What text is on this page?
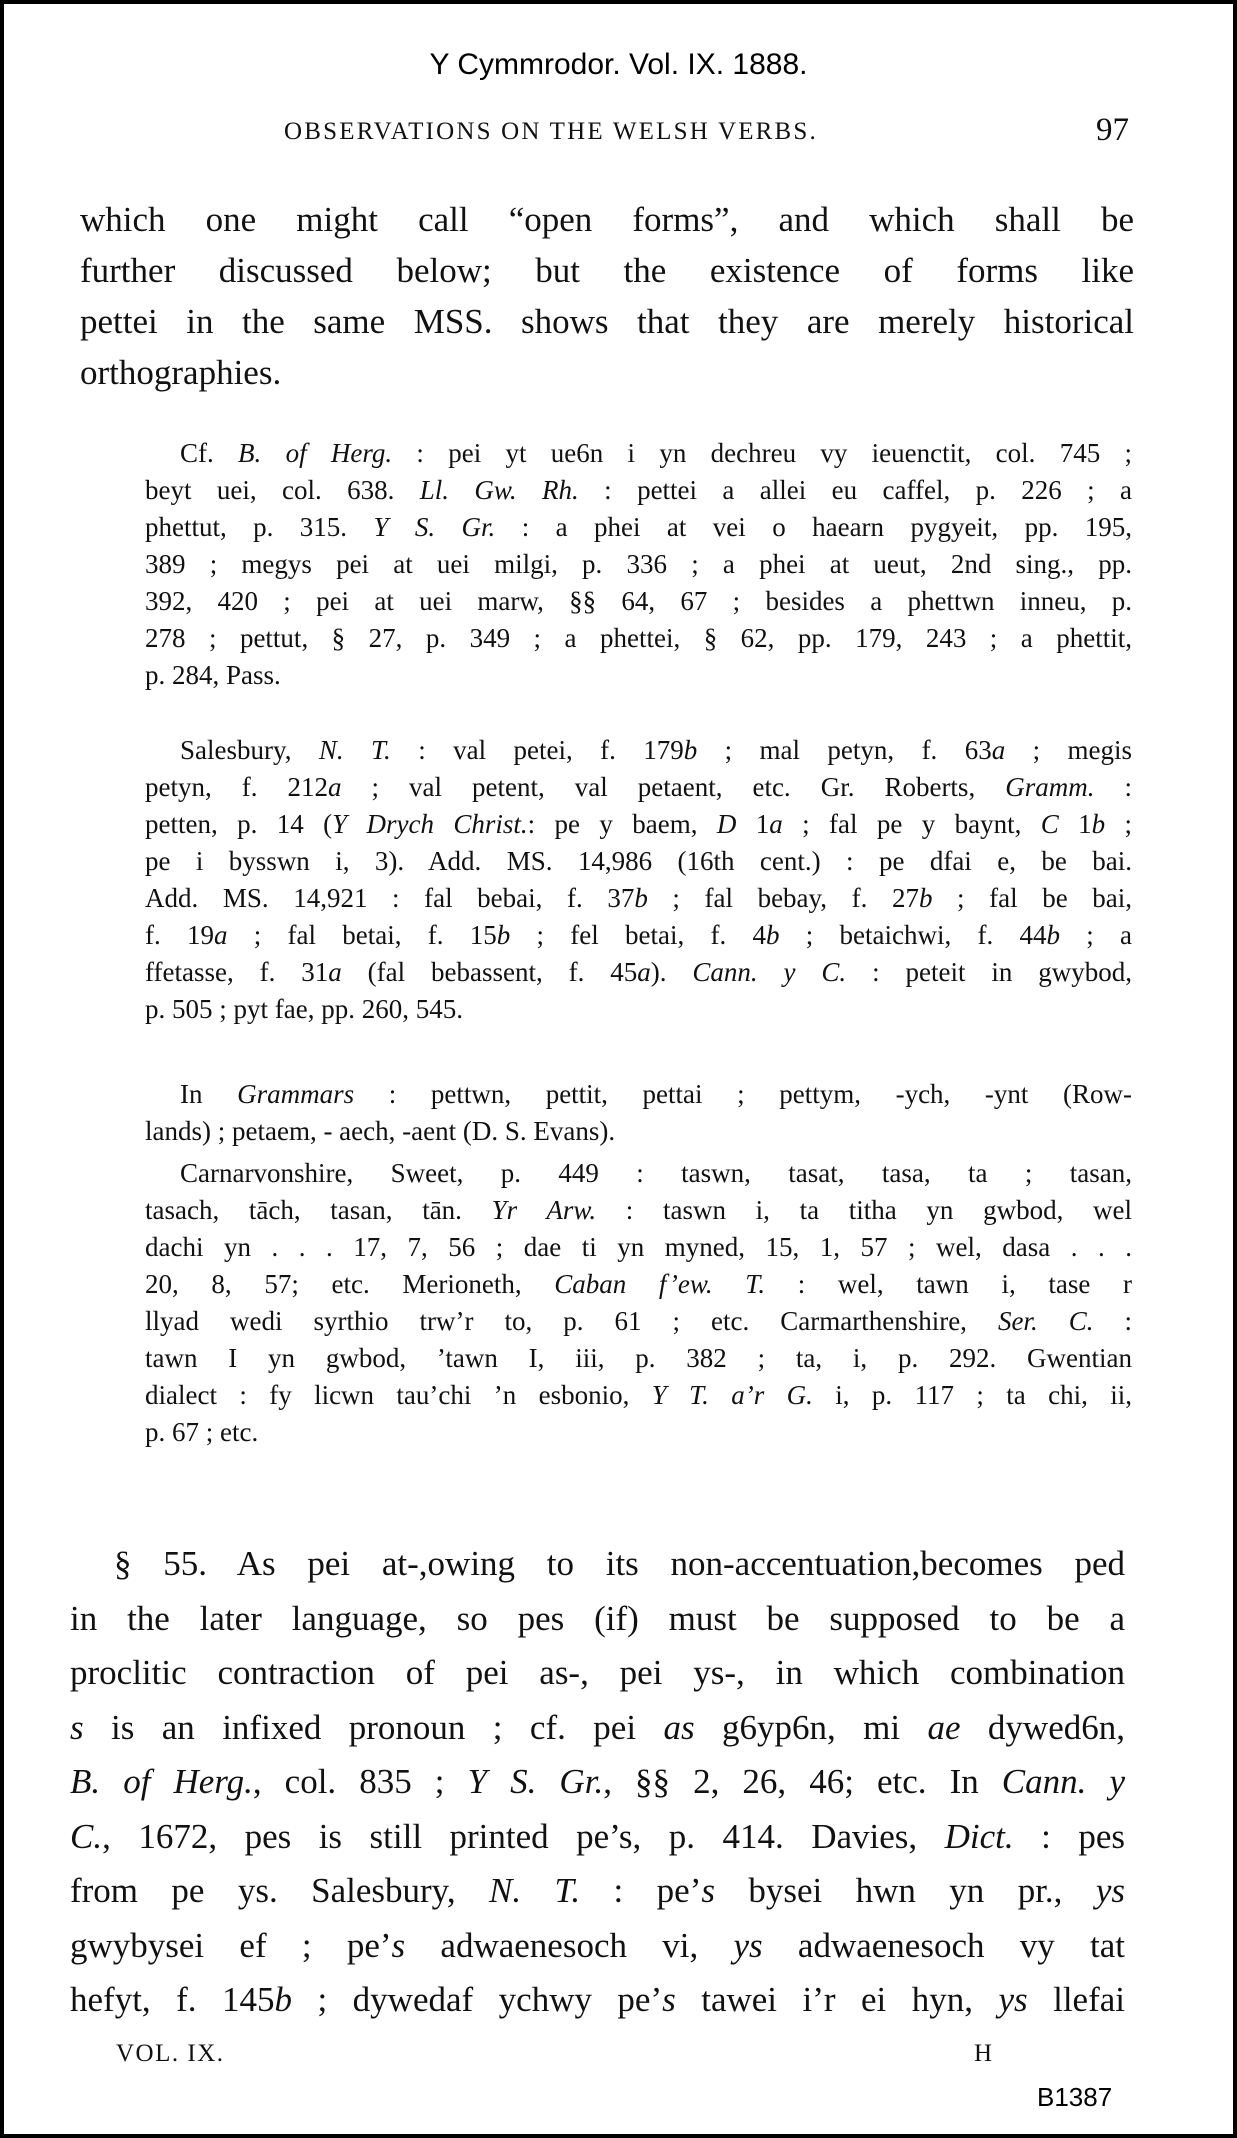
Y Cymmrodor. Vol. IX. 1888.
OBSERVATIONS ON THE WELSH VERBS.	97
which one might call “open forms”, and which shall be
further discussed below; but the existence of forms like
pettei in the same MSS. shows that they are merely historical
orthographies.
Cf. B. of Herg. : pei yt ue6n i yn dechreu vy ieuenctit, col. 745 ;
beyt uei, col. 638. Ll. Gw. Rh. : pettei a allei eu caffel, p. 226 ; a
phettut, p. 315. Y S. Gr. : a phei at vei o haearn pygyeit, pp. 195,
389 ; megys pei at uei milgi, p. 336 ; a phei at ueut, 2nd sing., pp.
392, 420 ; pei at uei marw, §§ 64, 67 ; besides a phettwn inneu, p.
278 ; pettut, § 27, p. 349 ; a phettei, § 62, pp. 179, 243 ; a phettit,
p. 284, Pass.
Salesbury, N. T. : val petei, f. 179b ; mal petyn, f. 63a ; megis
petyn, f. 212a ; val petent, val petaent, etc. Gr. Roberts, Gramm. :
petten, p. 14 (Y Drych Christ.: pe y baem, D 1a ; fal pe y baynt, C 1b ;
pe i bysswn i, 3). Add. MS. 14,986 (16th cent.) : pe dfai e, be bai.
Add. MS. 14,921 : fal bebai, f. 37b ; fal bebay, f. 27b ; fal be bai,
f. 19a ; fal betai, f. 15b ; fel betai, f. 4b ; betaichwi, f. 44b ; a
ffetasse, f. 31a (fal bebassent, f. 45a). Cann. y C. : peteit in gwybod,
p. 505 ; pyt fae, pp. 260, 545.
In Grammars : pettwn, pettit, pettai ; pettym, -ych, -ynt (Row-
lands) ; petaem, - aech, -aent (D. S. Evans).
Carnarvonshire, Sweet, p. 449 : taswn, tasat, tasa, ta ; tasan,
tasach, tāch, tasan, tān. Yr Arw. : taswn i, ta titha yn gwbod, wel
dachi yn . . . 17, 7, 56 ; dae ti yn myned, 15, 1, 57 ; wel, dasa . . .
20, 8, 57; etc. Merioneth, Caban f’ew. T. : wel, tawn i, tase r
llyad wedi syrthio trw’r to, p. 61 ; etc. Carmarthenshire, Ser. C. :
tawn I yn gwbod, ’tawn I, iii, p. 382 ; ta, i, p. 292. Gwentian
dialect : fy licwn tau’chi ’n esbonio, Y T. a’r G. i, p. 117 ; ta chi, ii,
p. 67 ; etc.
§ 55. As pei at-,owing to its non-accentuation,becomes ped
in the later language, so pes (if) must be supposed to be a
proclitic contraction of pei as-, pei ys-, in which combination
s is an infixed pronoun ; cf. pei as g6yp6n, mi ae dywed6n,
B. of Herg., col. 835 ; Y S. Gr., §§ 2, 26, 46; etc. In Cann. y
C., 1672, pes is still printed pe’s, p. 414. Davies, Dict. : pes
from pe ys. Salesbury, N. T. : pe’s bysei hwn yn pr., ys
gwybysei ef ; pe’s adwaenesoch vi, ys adwaenesoch vy tat
hefyt, f. 145b ; dywedaf ychwy pe’s tawei i’r ei hyn, ys llefai
VOL. IX.	H
B1387
